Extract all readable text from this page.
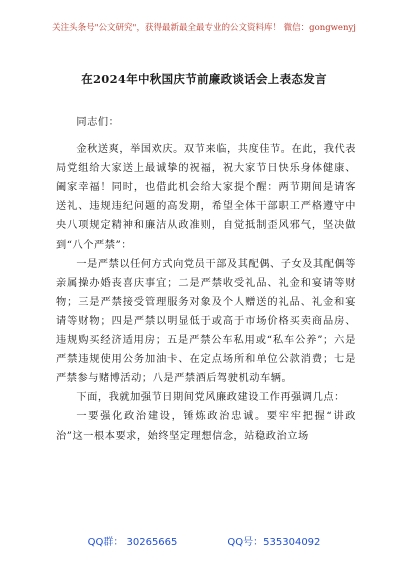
关注头条号"公文研究"，获得最新最全最专业的公文资料库！ 微信：gongwenyj
在2024年中秋国庆节前廉政谈话会上表态发言

同志们：

金秋送爽，举国欢庆。双节来临，共度佳节。在此，我代表局党组给大家送上最诚挚的祝福，祝大家节日快乐身体健康、阖家幸福！同时，也借此机会给大家提个醒：两节期间是请客送礼、违规违纪问题的高发期，希望全体干部职工严格遵守中央八项规定精神和廉洁从政准则，自觉抵制歪风邪气，坚决做到“八个严禁”：

一是严禁以任何方式向党员干部及其配偶、子女及其配偶等亲属操办婚丧喜庆事宜；二是严禁收受礼品、礼金和宴请等财物；三是严禁接受管理服务对象及个人赠送的礼品、礼金和宴请等财物；四是严禁以明显低于或高于市场价格买卖商品房、违规购买经济适用房；五是严禁公车私用或“私车公养”；六是严禁违规使用公务加油卡、在定点场所和单位公款消费；七是严禁参与赌博活动；八是严禁酒后驾驶机动车辆。

下面，我就加强节日期间党风廉政建设工作再强调几点：

一要强化政治建设，锤炼政治忠诚。要牢牢把握“讲政治”这一根本要求，始终坚定理想信念，站稳政治立场

QQ群： 30265665	QQ号：535304092
